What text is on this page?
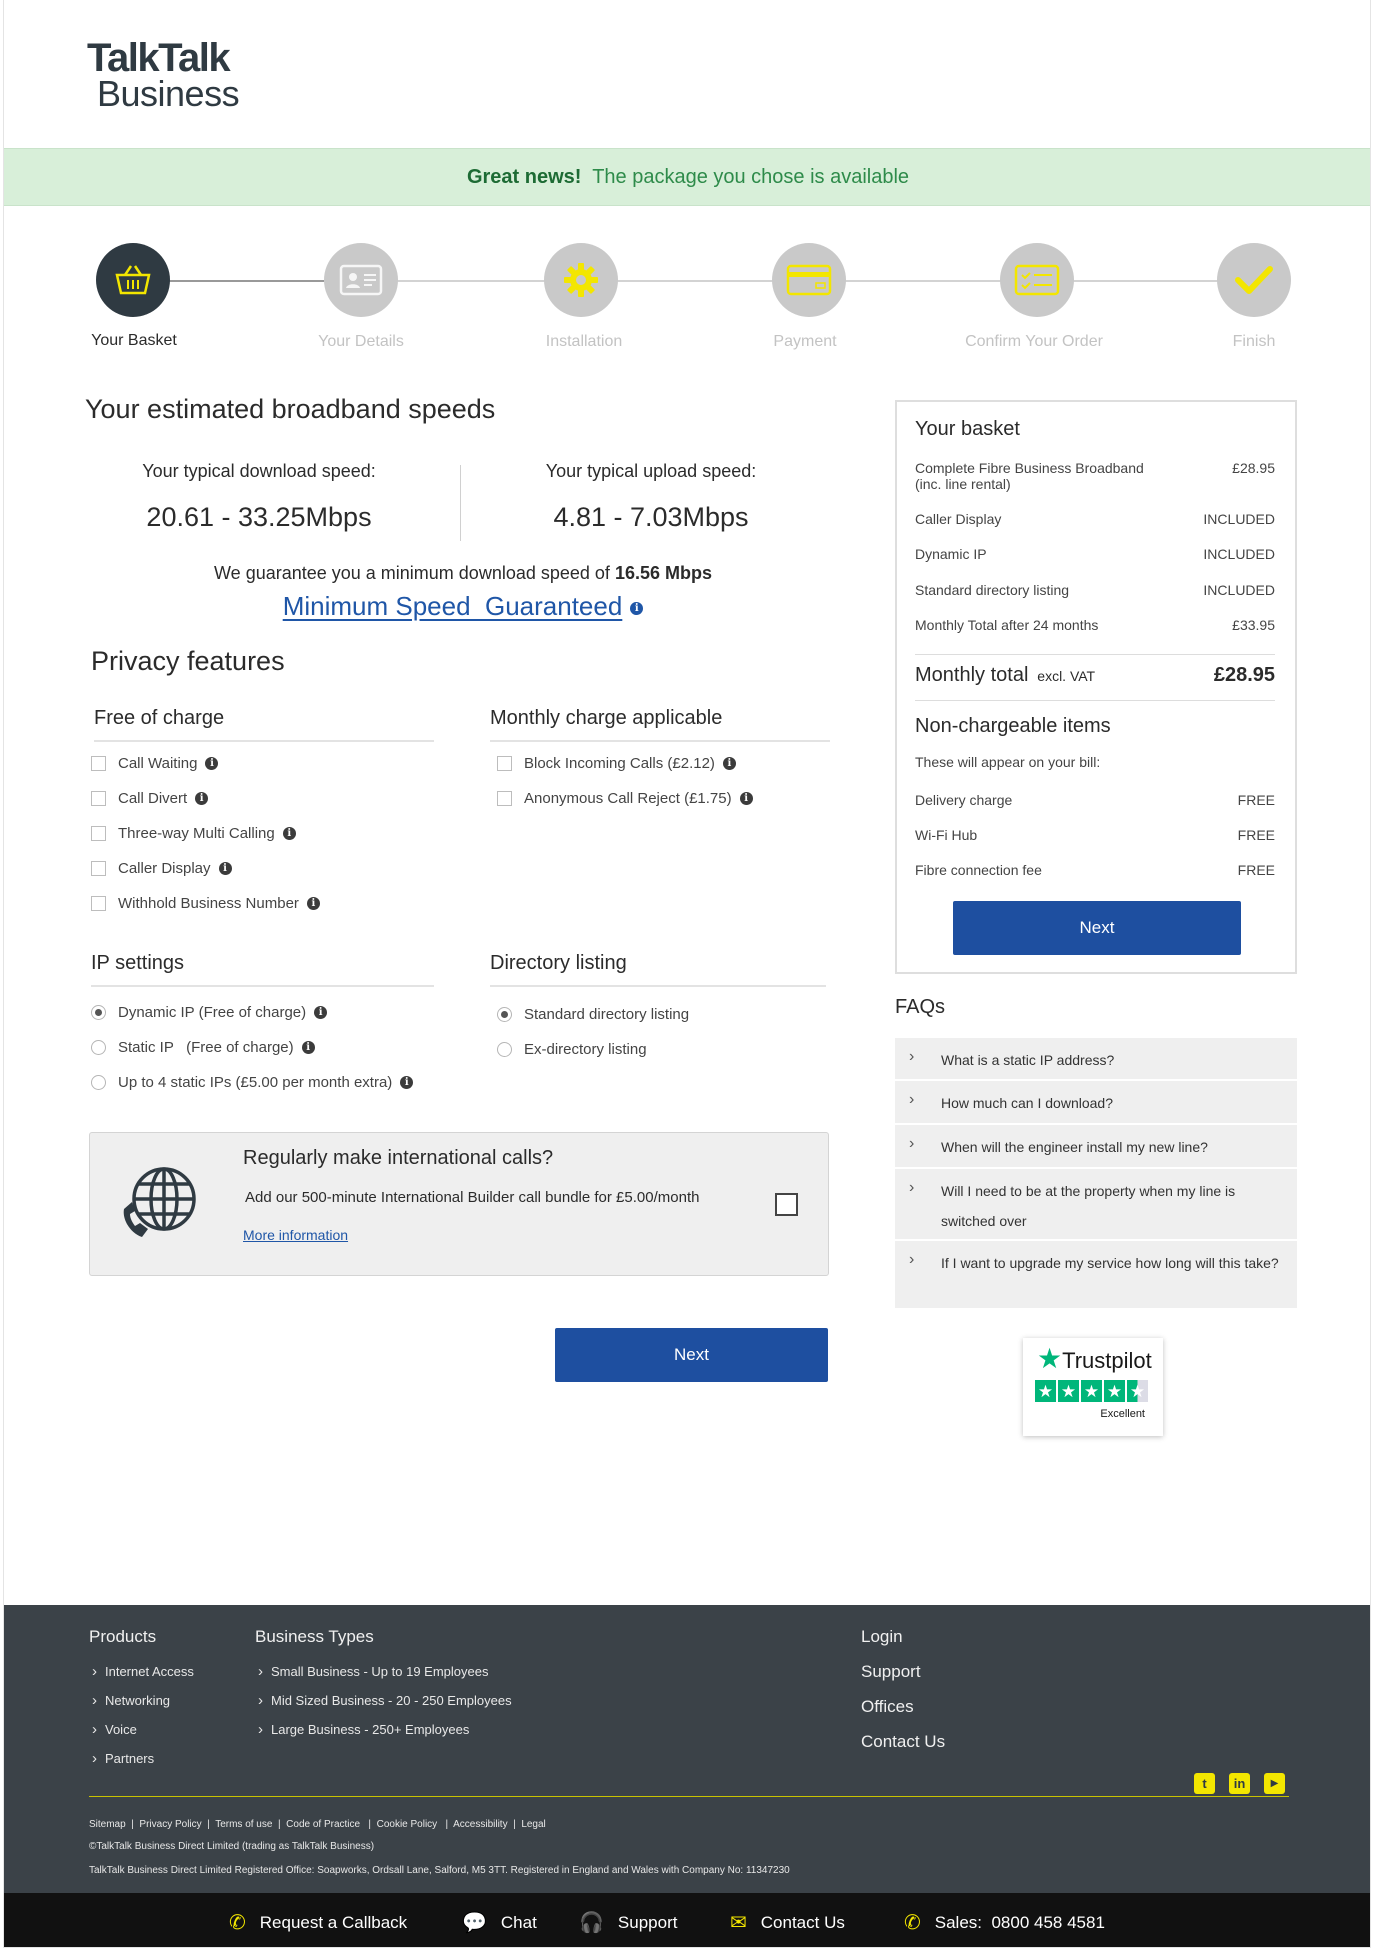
TalkTalk
Business
Great news! The package you chose is available
Your Basket	Your Details	Installation	Payment	Confirm Your Order	Finish
Your estimated broadband speeds
Your typical download speed:
20.61 - 33.25Mbps
Your typical upload speed:
4.81 - 7.03Mbps
We guarantee you a minimum download speed of 16.56 Mbps
Minimum Speed  Guaranteed i
Privacy features
Free of charge	Monthly charge applicable
Call Waiting	i
Call Divert	i
Three-way Multi Calling	i
Caller Display	i
Withhold Business Number	i
Block Incoming Calls (£2.12)	i
Anonymous Call Reject (£1.75)	i
IP settings
Dynamic IP (Free of charge)	i
Static IP   (Free of charge)	i
Up to 4 static IPs (£5.00 per month extra)	i
Directory listing
Standard directory listing
Ex-directory listing
Regularly make international calls?
Add our 500-minute International Builder call bundle for £5.00/month
More information
Next
Your basket
Complete Fibre Business Broadband
(inc. line rental)
£28.95
Caller Display	INCLUDED
Dynamic IP	INCLUDED
Standard directory listing	INCLUDED
Monthly Total after 24 months	£33.95
Monthly total excl. VAT	£28.95
Non-chargeable items
These will appear on your bill:
Delivery charge	FREE
Wi-Fi Hub	FREE
Fibre connection fee	FREE
Next
FAQs
› What is a static IP address?
› How much can I download?
› When will the engineer install my new line?
› Will I need to be at the property when my line is
switched over
› If I want to upgrade my service how long will this take?
★Trustpilot
★ ★ ★ ★ ★
Excellent
Products
› Internet Access
› Networking
› Voice
› Partners
Business Types
› Small Business - Up to 19 Employees
› Mid Sized Business - 20 - 250 Employees
› Large Business - 250+ Employees
Login
Support
Offices
Contact Us
t	in	▶
Sitemap  |  Privacy Policy  |  Terms of use  |  Code of Practice   |  Cookie Policy   |  Accessibility  |  Legal
©TalkTalk Business Direct Limited (trading as TalkTalk Business)
TalkTalk Business Direct Limited Registered Office: Soapworks, Ordsall Lane, Salford, M5 3TT. Registered in England and Wales with Company No: 11347230
✆ Request a Callback	💬 Chat 🎧 Support	✉ Contact Us	✆ Sales:
0800 458 4581
